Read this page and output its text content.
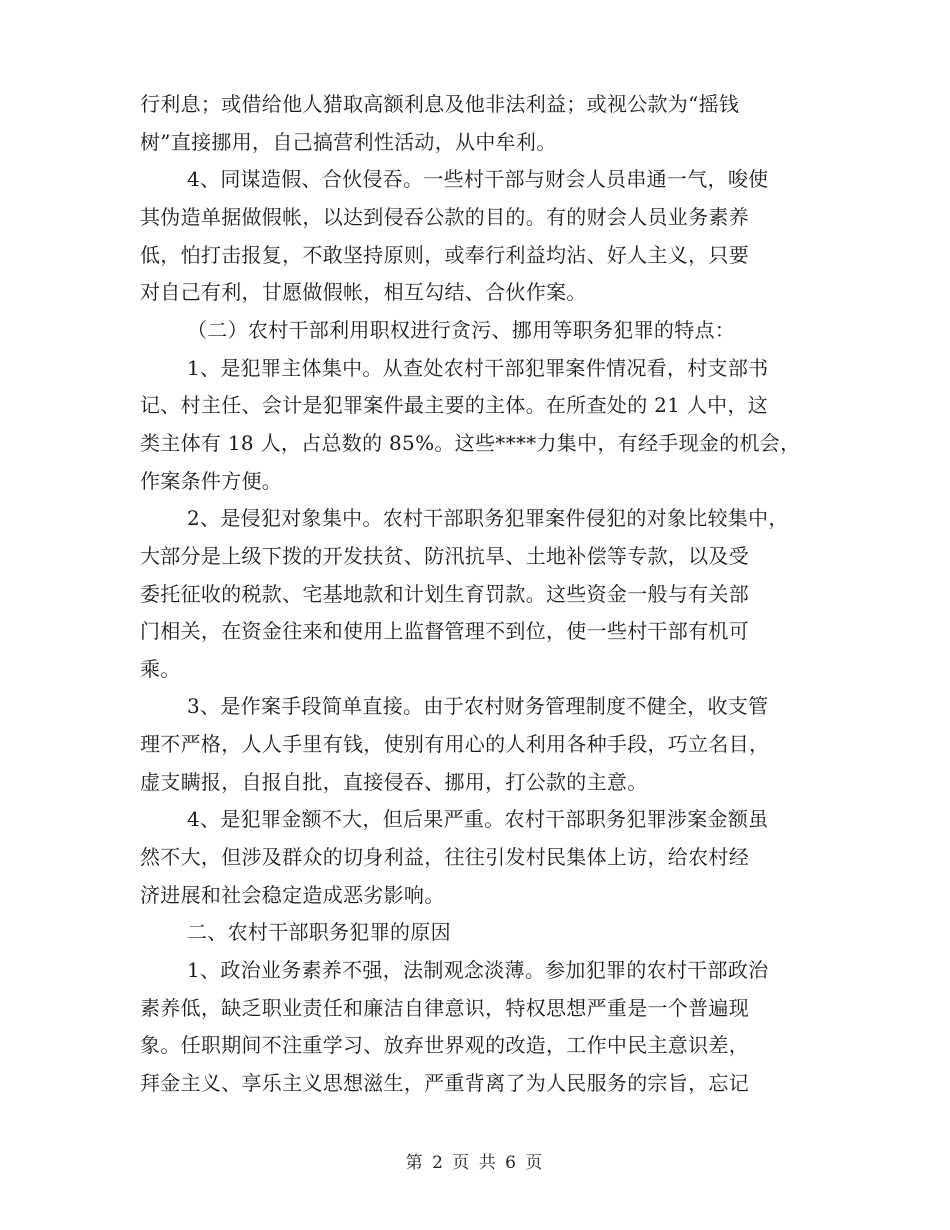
行利息；或借给他人猎取高额利息及他非法利益；或视公款为“摇钱
树”直接挪用，自己搞营利性活动，从中牟利。
4、同谋造假、合伙侵吞。一些村干部与财会人员串通一气，唆使
其伪造单据做假帐，以达到侵吞公款的目的。有的财会人员业务素养
低，怕打击报复，不敢坚持原则，或奉行利益均沾、好人主义，只要
对自己有利，甘愿做假帐，相互勾结、合伙作案。
（二）农村干部利用职权进行贪污、挪用等职务犯罪的特点：
1、是犯罪主体集中。从查处农村干部犯罪案件情况看，村支部书
记、村主任、会计是犯罪案件最主要的主体。在所查处的 21 人中，这
类主体有 18 人，占总数的 85%。这些****力集中，有经手现金的机会，
作案条件方便。
2、是侵犯对象集中。农村干部职务犯罪案件侵犯的对象比较集中，
大部分是上级下拨的开发扶贫、防汛抗旱、土地补偿等专款，以及受
委托征收的税款、宅基地款和计划生育罚款。这些资金一般与有关部
门相关，在资金往来和使用上监督管理不到位，使一些村干部有机可
乘。
3、是作案手段简单直接。由于农村财务管理制度不健全，收支管
理不严格，人人手里有钱，使别有用心的人利用各种手段，巧立名目，
虚支瞒报，自报自批，直接侵吞、挪用，打公款的主意。
4、是犯罪金额不大，但后果严重。农村干部职务犯罪涉案金额虽
然不大，但涉及群众的切身利益，往往引发村民集体上访，给农村经
济进展和社会稳定造成恶劣影响。
二、农村干部职务犯罪的原因
1、政治业务素养不强，法制观念淡薄。参加犯罪的农村干部政治
素养低，缺乏职业责任和廉洁自律意识，特权思想严重是一个普遍现
象。任职期间不注重学习、放弃世界观的改造，工作中民主意识差，
拜金主义、享乐主义思想滋生，严重背离了为人民服务的宗旨，忘记
第 2 页 共 6 页
